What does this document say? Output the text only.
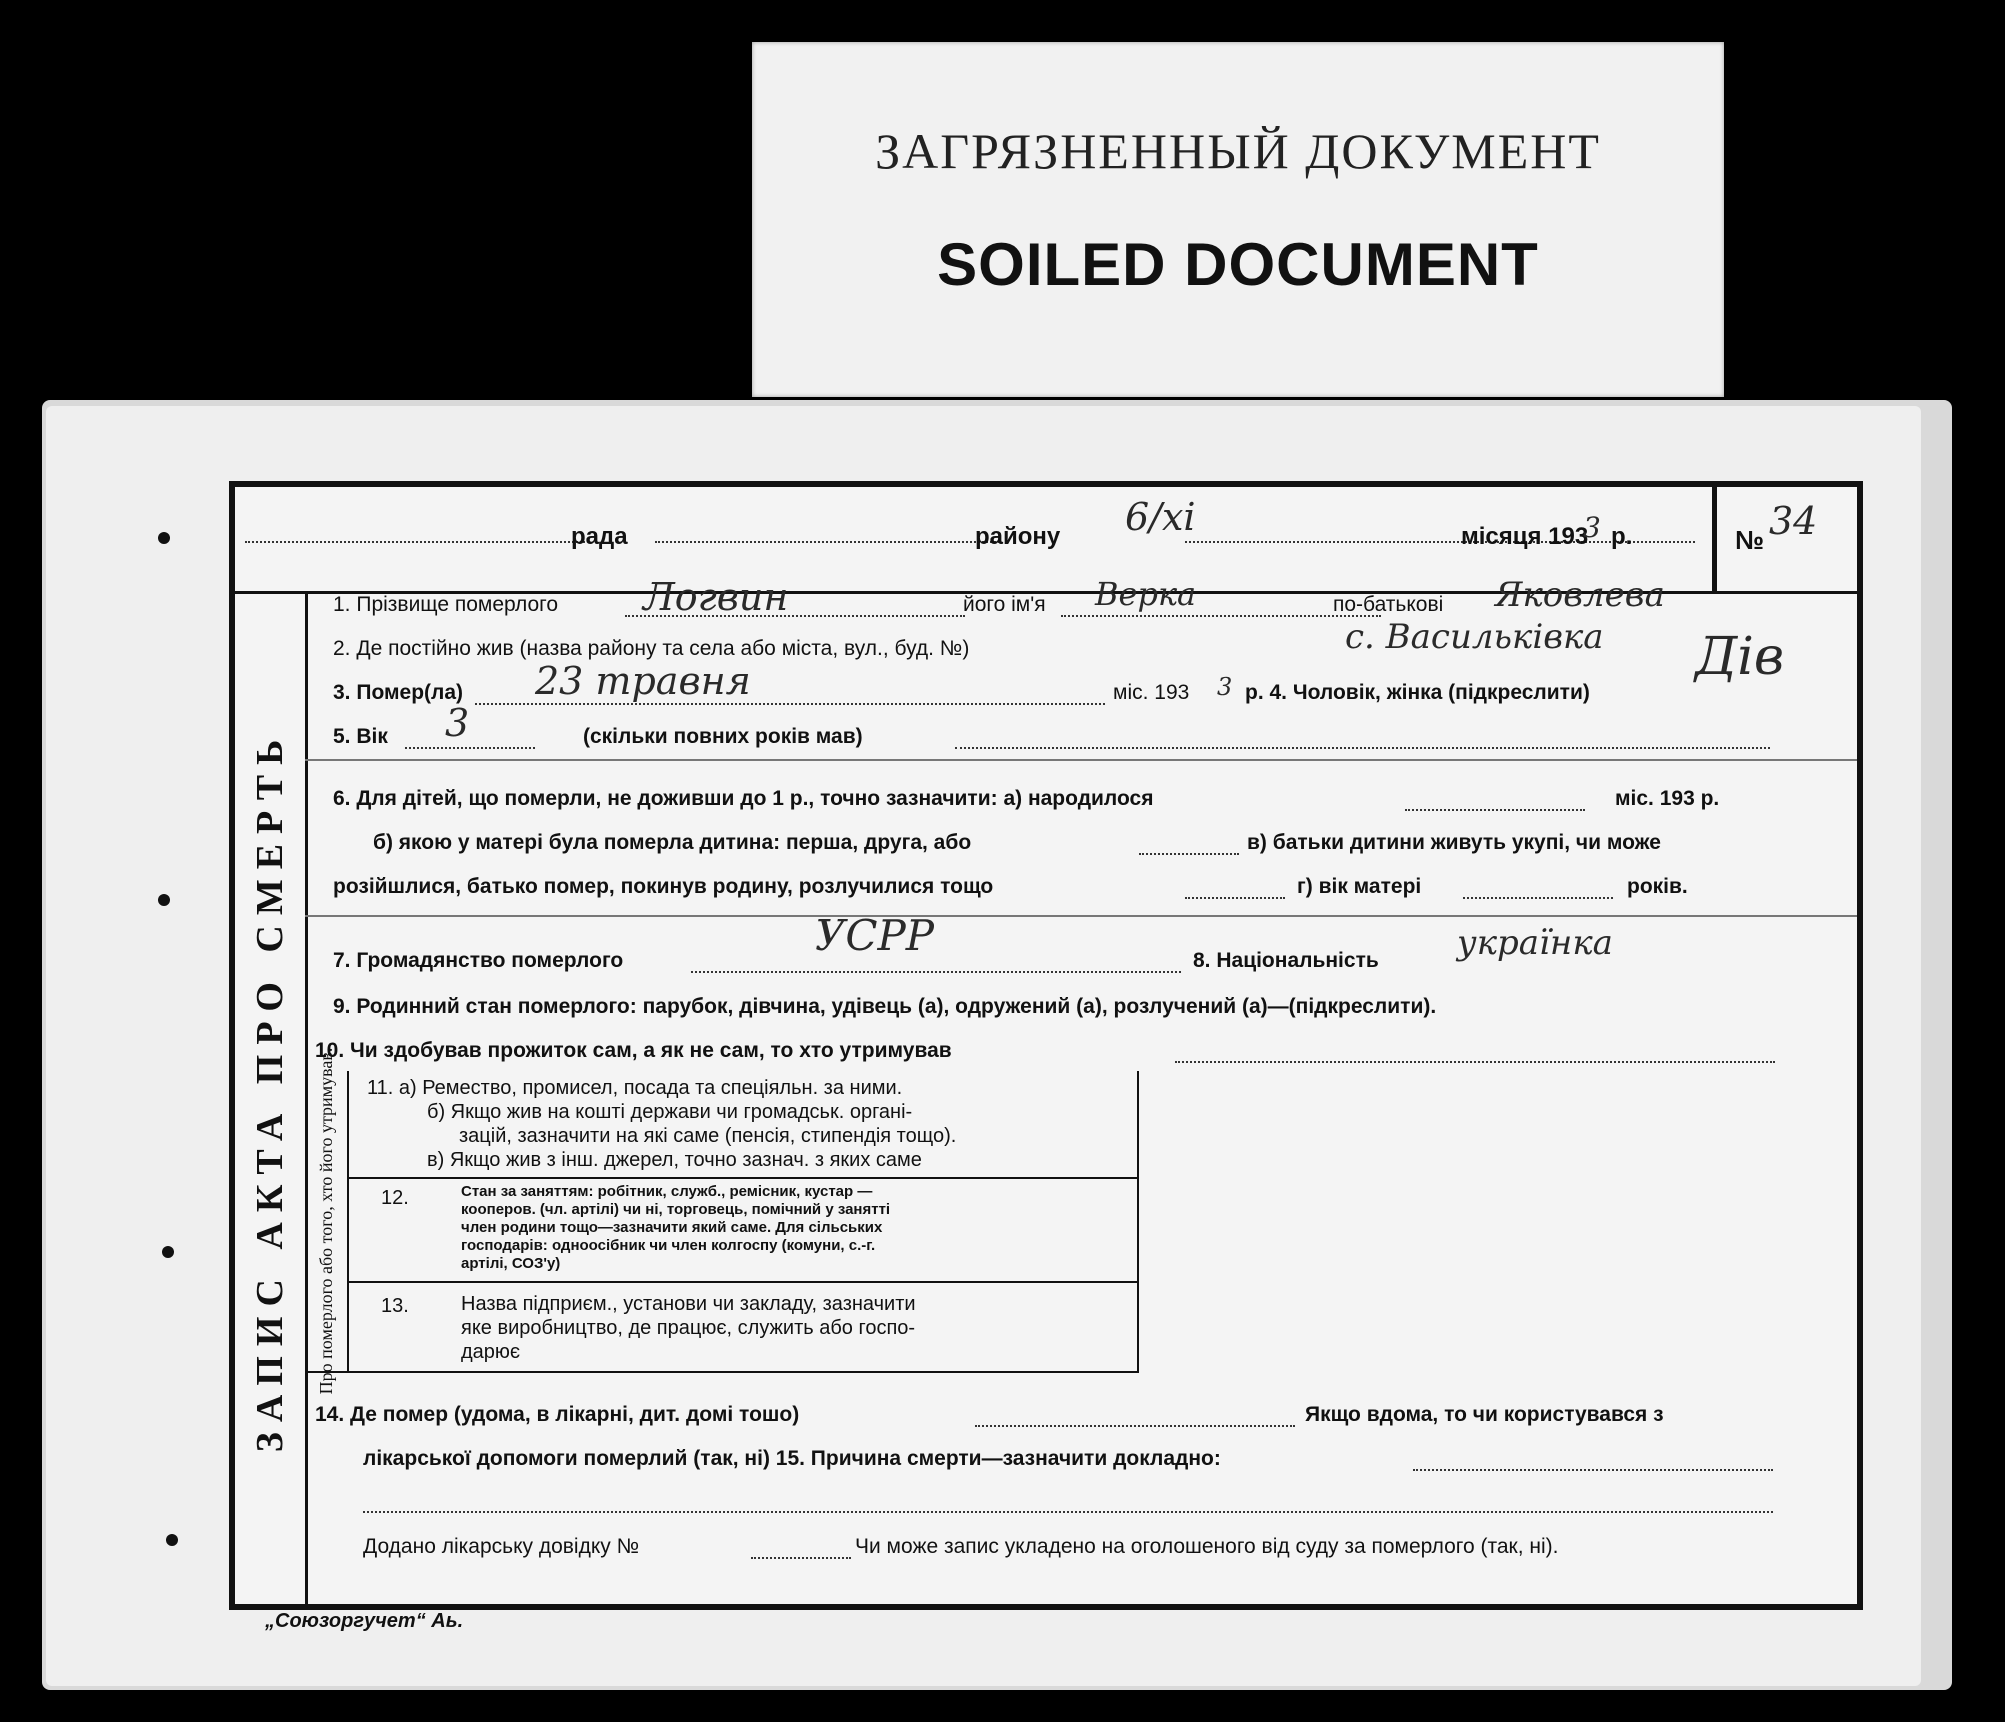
ЗАГРЯЗНЕННЫЙ ДОКУМЕНТ
SOILED DOCUMENT
рада	району 6/xi	місяця 193
3 р.	№ 34
ЗАПИС АКТА ПРО СМЕРТЬ
1. Прізвище померлого Логвин	його ім'я Верка	по-батькові Яковлева
2. Де постійно жив (назва району та села або міста, вул., буд. №)	с. Васильківка Дів
3. Помер(ла) 23 травня	міс. 193 3 р. 4. Чоловік, жінка (підкреслити)
5. Вік 3	(скільки повних років мав)
6. Для дітей, що померли, не доживши до 1 р., точно зазначити: а) народилося	міс. 193 р.
б) якою у матері була померла дитина: перша, друга, або	в) батьки дитини живуть укупі, чи може
розійшлися, батько помер, покинув родину, розлучилися тощо	г) вік матері	років.
7. Громадянство померлого
УСРР
8. Національність українка
9. Родинний стан померлого: парубок, дівчина, удівець (а), одружений (а), розлучений (а)—(підкреслити).
10. Чи здобував прожиток сам, а як не сам, то хто утримував
Про померлого або того, хто його утримував. 11. а) Ремество, промисел, посада та спеціяльн. за ними.
б) Якщо жив на кошті держави чи громадськ. органі-
зацій, зазначити на які саме (пенсія, стипендія тощо).
в) Якщо жив з інш. джерел, точно зазнач. з яких саме
12.	Стан за заняттям: робітник, служб., ремісник, кустар —
кооперов. (чл. артілі) чи ні, торговець, помічний у занятті
член родини тощо—зазначити який саме. Для сільських
господарів: одноосібник чи член колгоспу (комуни, с.-г.
артілі, СОЗ'у)
13.	Назва підприєм., установи чи закладу, зазначити
яке виробництво, де працює, служить або госпо-
дарює
14. Де помер (удома, в лікарні, дит. домі тошо)	Якщо вдома, то чи користувався з
лікарської допомоги померлий (так, ні) 15. Причина смерти—зазначити докладно:
Додано лікарську довідку №	Чи може запис укладено на оголошеного від суду за померлого (так, ні).
„Союзоргучет“ Аь.
